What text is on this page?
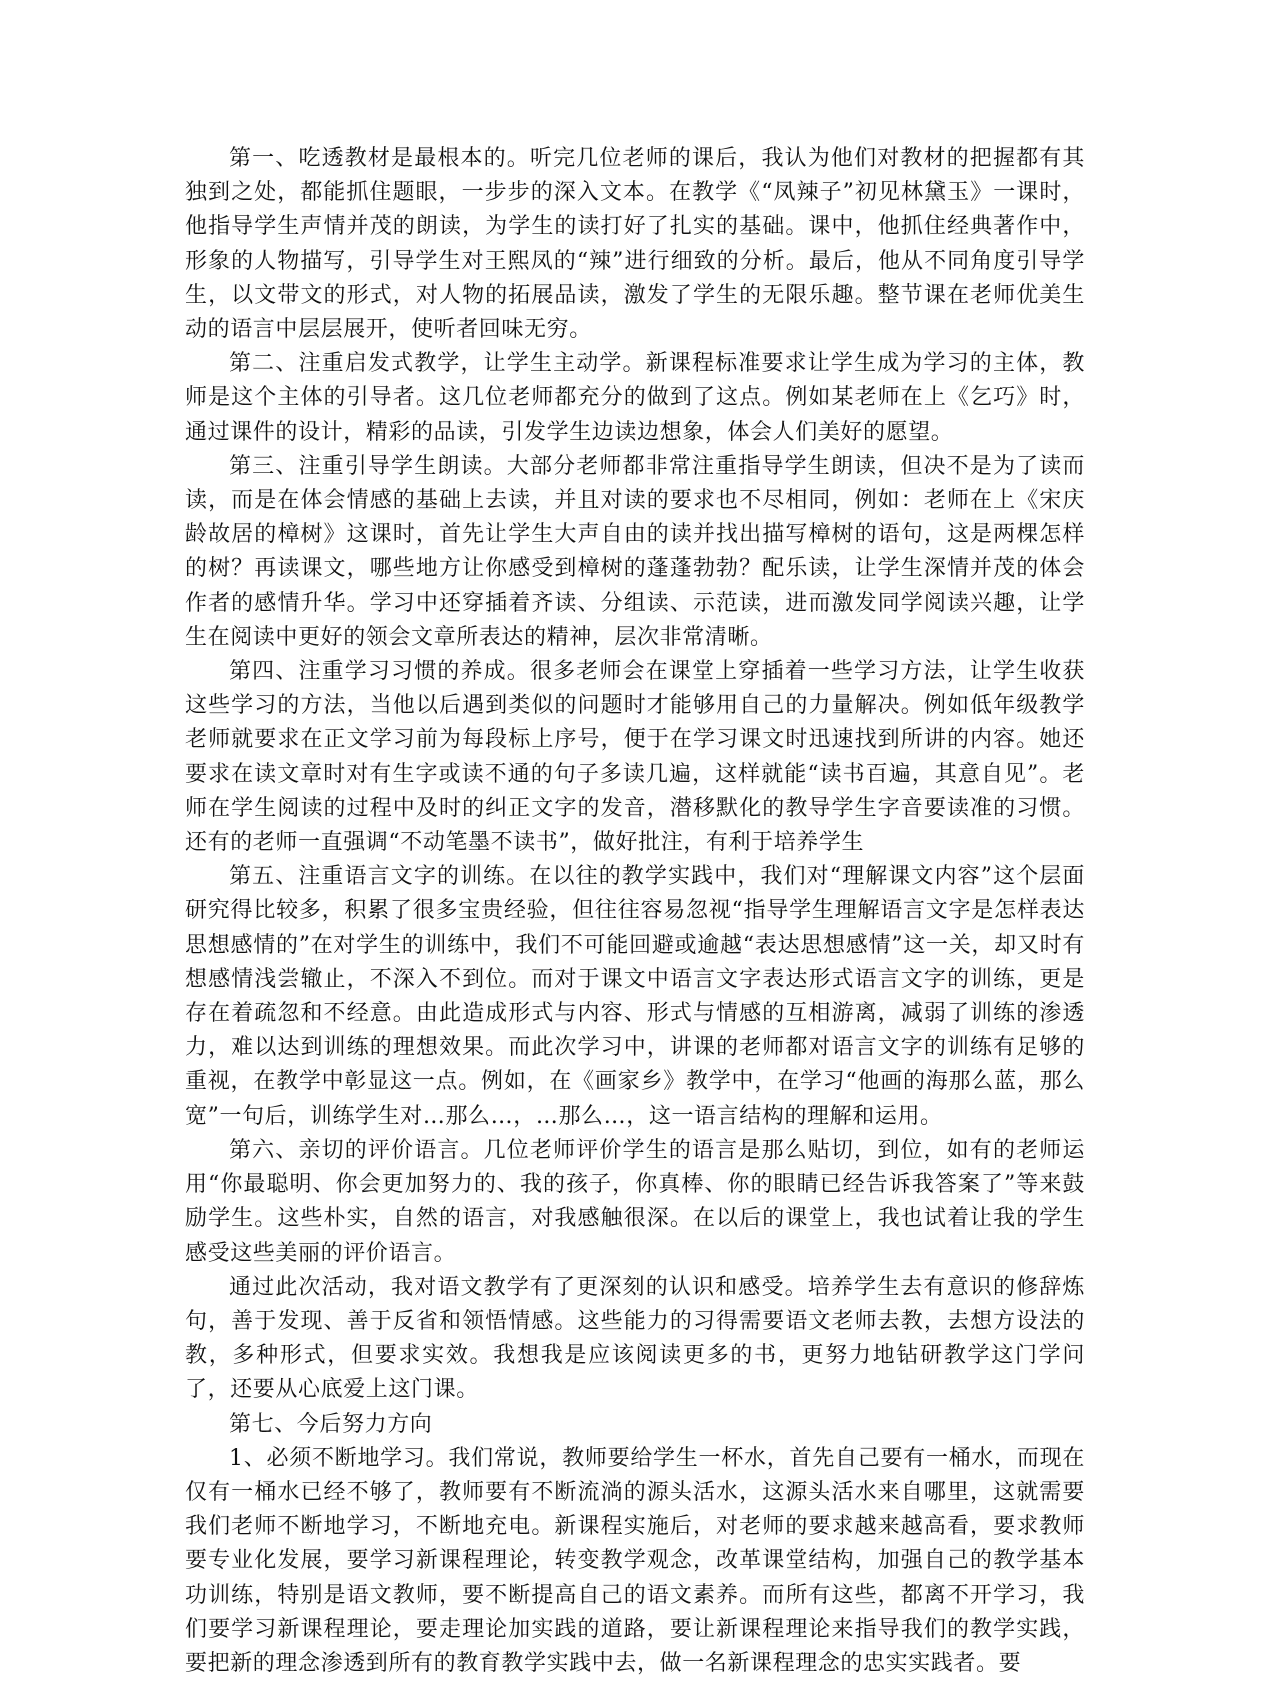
第一、吃透教材是最根本的。听完几位老师的课后，我认为他们对教材的把握都有其独到之处，都能抓住题眼，一步步的深入文本。在教学《“凤辣子”初见林黛玉》一课时，他指导学生声情并茂的朗读，为学生的读打好了扎实的基础。课中，他抓住经典著作中，形象的人物描写，引导学生对王熙凤的“辣”进行细致的分析。最后，他从不同角度引导学生，以文带文的形式，对人物的拓展品读，激发了学生的无限乐趣。整节课在老师优美生动的语言中层层展开，使听者回味无穷。

第二、注重启发式教学，让学生主动学。新课程标准要求让学生成为学习的主体，教师是这个主体的引导者。这几位老师都充分的做到了这点。例如某老师在上《乞巧》时，通过课件的设计，精彩的品读，引发学生边读边想象，体会人们美好的愿望。

第三、注重引导学生朗读。大部分老师都非常注重指导学生朗读，但决不是为了读而读，而是在体会情感的基础上去读，并且对读的要求也不尽相同，例如：老师在上《宋庆龄故居的樟树》这课时，首先让学生大声自由的读并找出描写樟树的语句，这是两棵怎样的树？再读课文，哪些地方让你感受到樟树的蓬蓬勃勃？配乐读，让学生深情并茂的体会作者的感情升华。学习中还穿插着齐读、分组读、示范读，进而激发同学阅读兴趣，让学生在阅读中更好的领会文章所表达的精神，层次非常清晰。

第四、注重学习习惯的养成。很多老师会在课堂上穿插着一些学习方法，让学生收获这些学习的方法，当他以后遇到类似的问题时才能够用自己的力量解决。例如低年级教学老师就要求在正文学习前为每段标上序号，便于在学习课文时迅速找到所讲的内容。她还要求在读文章时对有生字或读不通的句子多读几遍，这样就能“读书百遍，其意自见”。老师在学生阅读的过程中及时的纠正文字的发音，潜移默化的教导学生字音要读准的习惯。还有的老师一直强调“不动笔墨不读书”，做好批注，有利于培养学生

第五、注重语言文字的训练。在以往的教学实践中，我们对“理解课文内容”这个层面研究得比较多，积累了很多宝贵经验，但往往容易忽视“指导学生理解语言文字是怎样表达思想感情的”在对学生的训练中，我们不可能回避或逾越“表达思想感情”这一关，却又时有想感情浅尝辙止，不深入不到位。而对于课文中语言文字表达形式语言文字的训练，更是存在着疏忽和不经意。由此造成形式与内容、形式与情感的互相游离，减弱了训练的渗透力，难以达到训练的理想效果。而此次学习中，讲课的老师都对语言文字的训练有足够的重视，在教学中彰显这一点。例如，在《画家乡》教学中，在学习“他画的海那么蓝，那么宽”一句后，训练学生对…那么…，…那么…，这一语言结构的理解和运用。

第六、亲切的评价语言。几位老师评价学生的语言是那么贴切，到位，如有的老师运用“你最聪明、你会更加努力的、我的孩子，你真棒、你的眼睛已经告诉我答案了”等来鼓励学生。这些朴实，自然的语言，对我感触很深。在以后的课堂上，我也试着让我的学生感受这些美丽的评价语言。

通过此次活动，我对语文教学有了更深刻的认识和感受。培养学生去有意识的修辞炼句，善于发现、善于反省和领悟情感。这些能力的习得需要语文老师去教，去想方设法的教，多种形式，但要求实效。我想我是应该阅读更多的书，更努力地钻研教学这门学问了，还要从心底爱上这门课。

第七、今后努力方向

1、必须不断地学习。我们常说，教师要给学生一杯水，首先自己要有一桶水，而现在仅有一桶水已经不够了，教师要有不断流淌的源头活水，这源头活水来自哪里，这就需要我们老师不断地学习，不断地充电。新课程实施后，对老师的要求越来越高看，要求教师要专业化发展，要学习新课程理论，转变教学观念，改革课堂结构，加强自己的教学基本功训练，特别是语文教师，要不断提高自己的语文素养。而所有这些，都离不开学习，我们要学习新课程理论，要走理论加实践的道路，要让新课程理论来指导我们的教学实践，要把新的理念渗透到所有的教育教学实践中去，做一名新课程理念的忠实实践者。要
